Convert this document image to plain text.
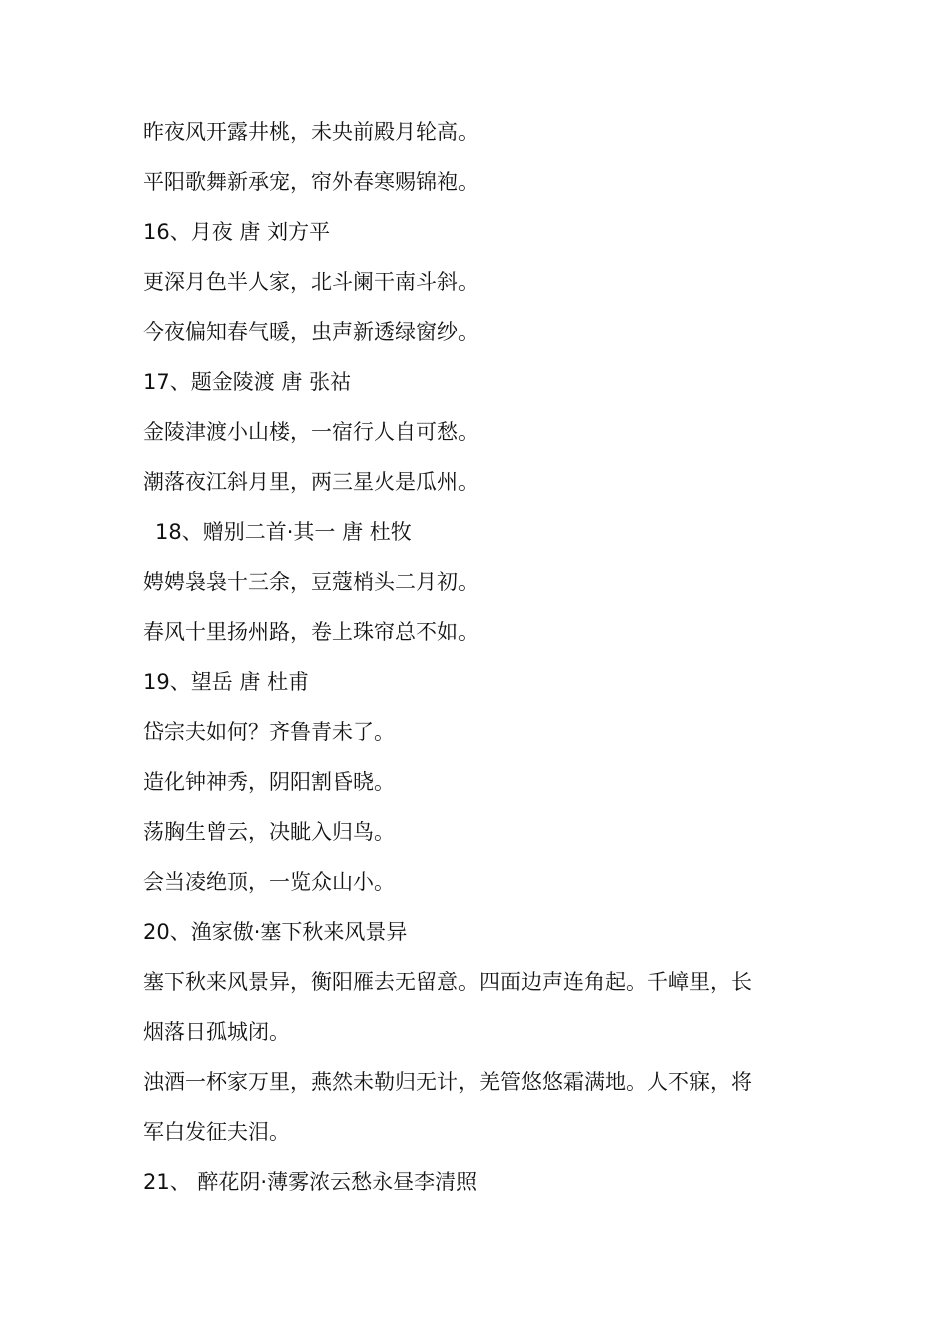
昨夜风开露井桃，未央前殿月轮高。
平阳歌舞新承宠，帘外春寒赐锦袍。
16、月夜 唐 刘方平
更深月色半人家，北斗阑干南斗斜。
今夜偏知春气暖，虫声新透绿窗纱。
17、题金陵渡 唐 张祜
金陵津渡小山楼，一宿行人自可愁。
潮落夜江斜月里，两三星火是瓜州。
18、赠别二首·其一 唐 杜牧
娉娉袅袅十三余，豆蔻梢头二月初。
春风十里扬州路，卷上珠帘总不如。
19、望岳 唐 杜甫
岱宗夫如何？齐鲁青未了。
造化钟神秀，阴阳割昏晓。
荡胸生曾云，决眦入归鸟。
会当凌绝顶，一览众山小。
20、渔家傲·塞下秋来风景异
塞下秋来风景异，衡阳雁去无留意。四面边声连角起。千嶂里，长
烟落日孤城闭。
浊酒一杯家万里，燕然未勒归无计，羌管悠悠霜满地。人不寐，将
军白发征夫泪。
21、 醉花阴·薄雾浓云愁永昼李清照
